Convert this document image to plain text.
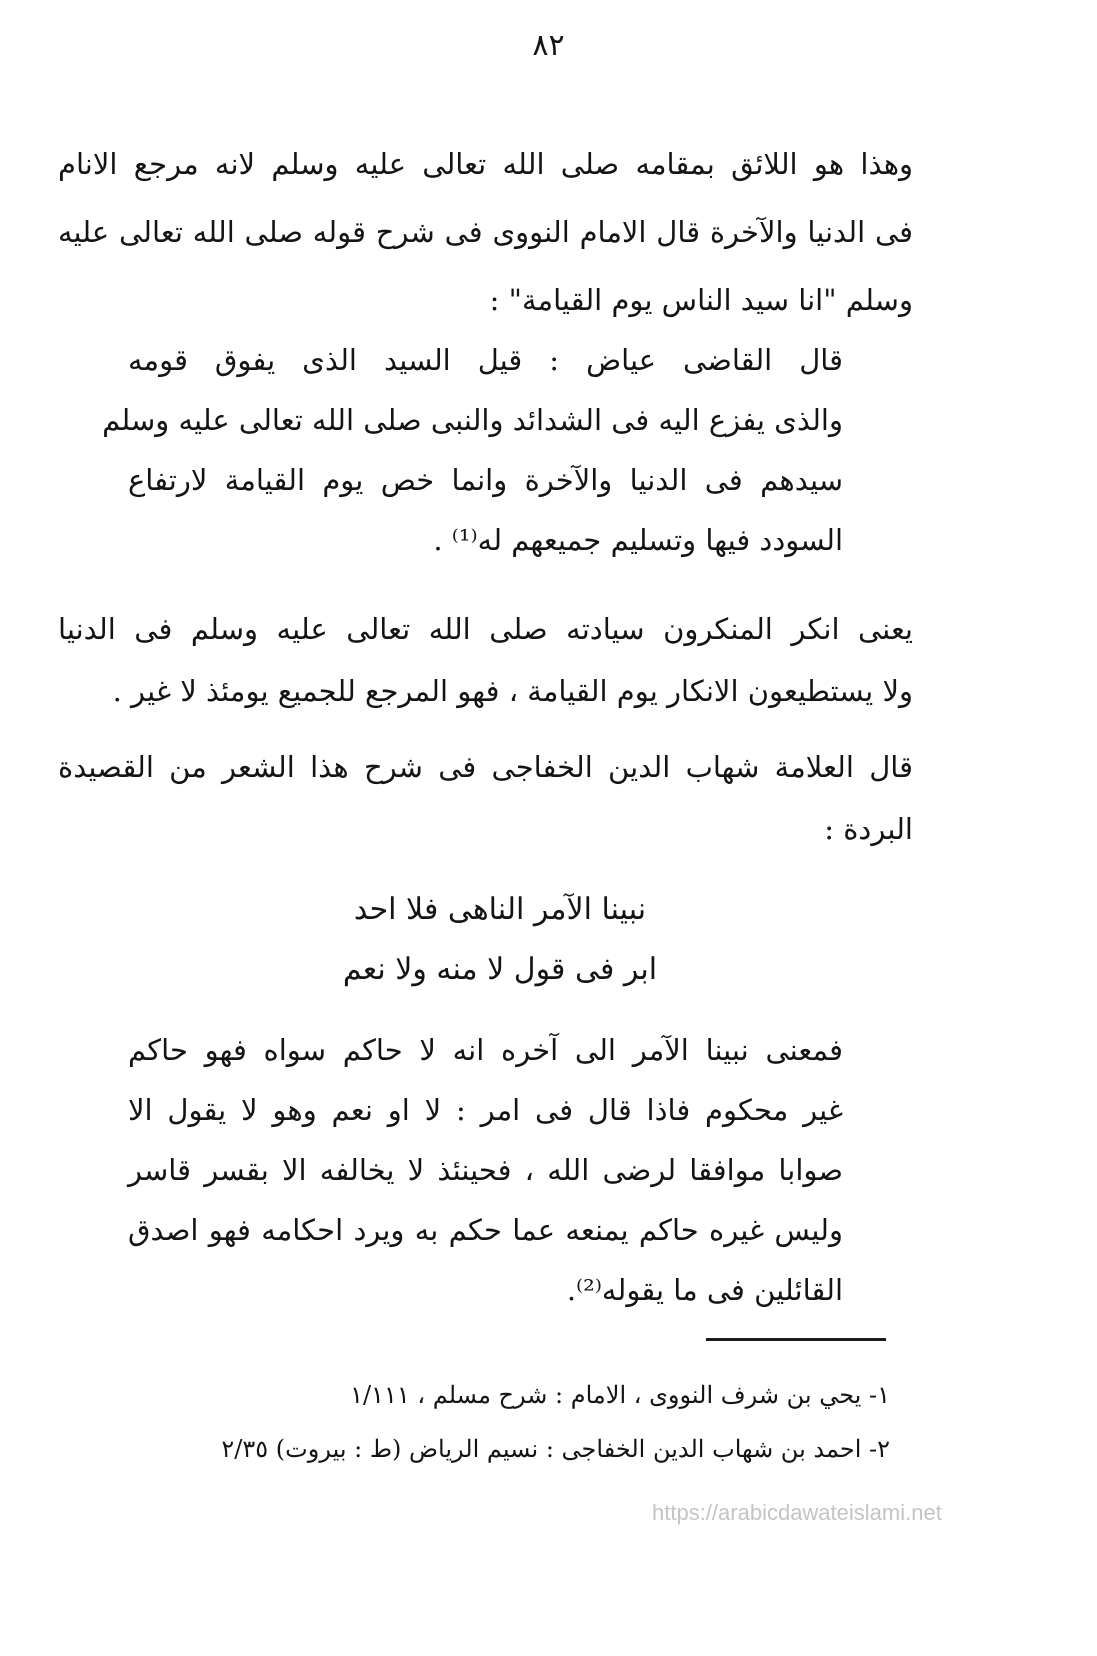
٨٢
وهذا هو اللائق بمقامه صلى الله تعالى عليه وسلم لانه مرجع الانام
فى الدنيا والآخرة قال الامام النووى فى شرح قوله صلى الله تعالى عليه
وسلم "انا سيد الناس يوم القيامة" :
قال القاضى عياض : قيل السيد الذى يفوق قومه
والذى يفزع اليه فى الشدائد والنبى صلى الله تعالى عليه وسلم
سيدهم فى الدنيا والآخرة وانما خص يوم القيامة لارتفاع
السودد فيها وتسليم جميعهم له⁽¹⁾ .
يعنى انكر المنكرون سيادته صلى الله تعالى عليه وسلم فى الدنيا
ولا يستطيعون الانكار يوم القيامة ، فهو المرجع للجميع يومئذ لا غير .
قال العلامة شهاب الدين الخفاجى فى شرح هذا الشعر من القصيدة
البردة :
نبينا الآمر الناهى فلا احد
ابر فى قول لا منه ولا نعم
فمعنى نبينا الآمر الى آخره انه لا حاكم سواه فهو حاكم
غير محكوم فاذا قال فى امر : لا او نعم وهو لا يقول الا
صوابا موافقا لرضى الله ، فحينئذ لا يخالفه الا بقسر قاسر
وليس غيره حاكم يمنعه عما حكم به ويرد احكامه فهو اصدق
القائلين فى ما يقوله⁽²⁾.
١- يحي بن شرف النووى ، الامام : شرح مسلم ، ١/١١١
٢- احمد بن شهاب الدين الخفاجى : نسيم الرياض (ط : بيروت) ٢/٣٥
https://arabicdawateislami.net
